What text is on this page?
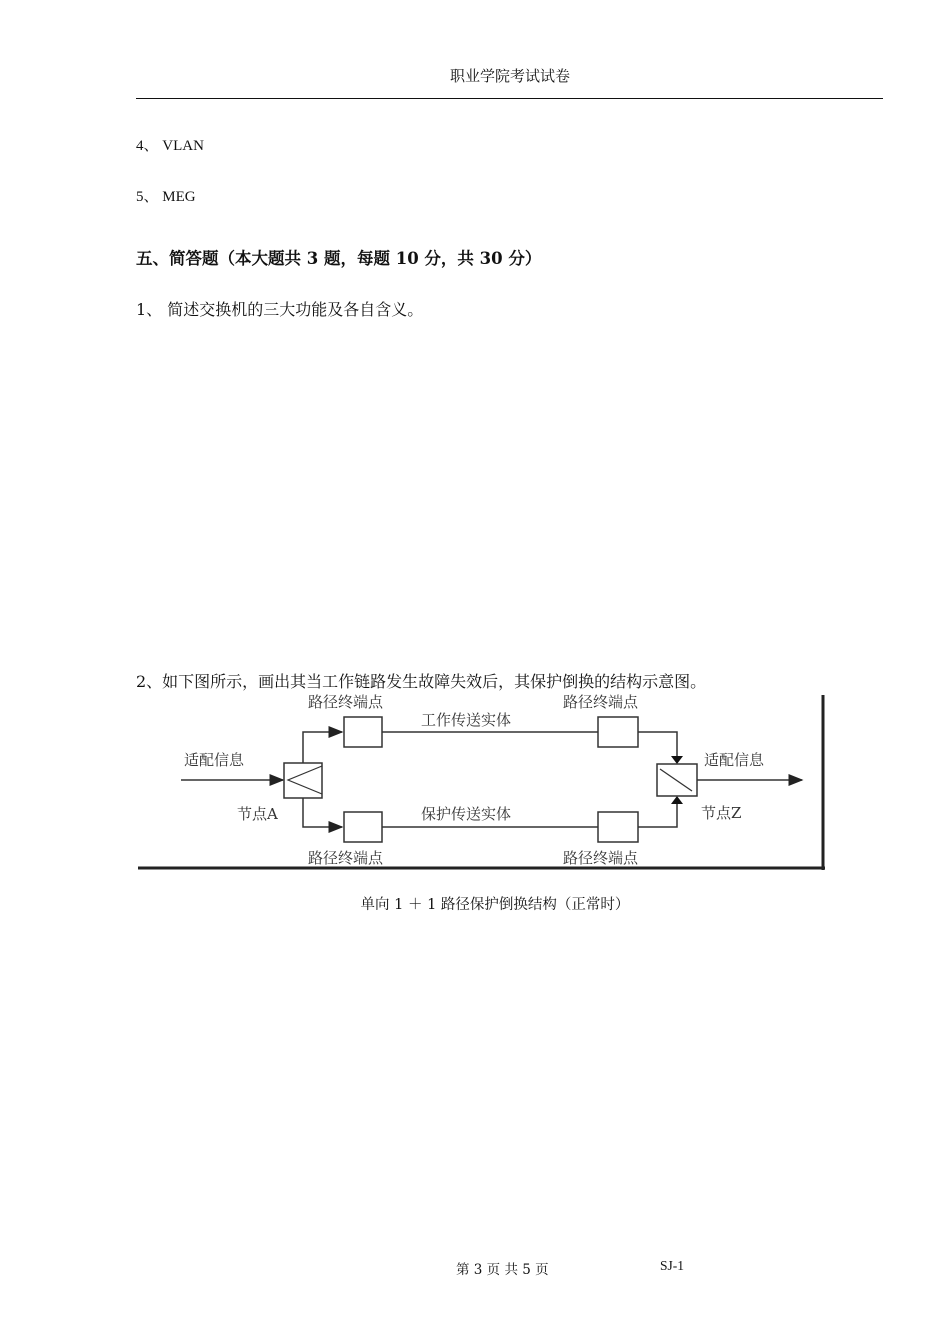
职业学院考试试卷
4、 VLAN
5、 MEG
五、简答题（本大题共 3 题，每题 10 分，共 30 分）
1、 简述交换机的三大功能及各自含义。
2、如下图所示，画出其当工作链路发生故障失效后，其保护倒换的结构示意图。
适配信息
节点A
路径终端点
路径终端点
工作传送实体
保护传送实体
路径终端点
路径终端点
节点Z
适配信息
单向 1 ＋ 1 路径保护倒换结构（正常时）
第 3 页 共 5 页	SJ-1
